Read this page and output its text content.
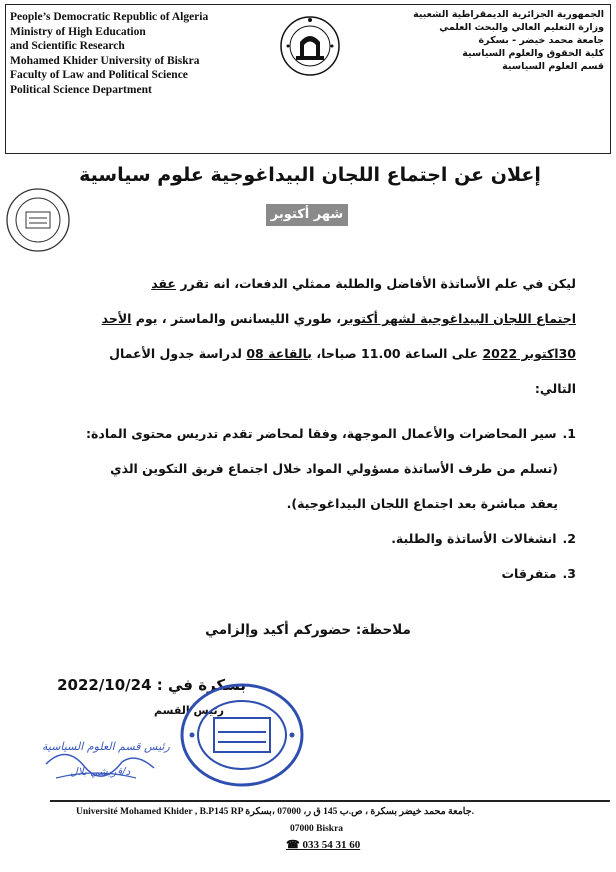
People’s Democratic Republic of Algeria
Ministry of High Education
and Scientific Research
Mohamed Khider University of Biskra
Faculty of Law and Political Science
Political Science Department
الجمهورية الجزائرية الديمقراطية الشعبية
وزارة التعليم العالي والبحث العلمي
جامعة محمد خيضر - بسكرة
كلية الحقوق والعلوم السياسية
قسم العلوم السياسية
إعلان عن اجتماع اللجان البيداغوجية علوم سياسية
شهر أكتوبر
ليكن في علم الأساتذة الأفاضل والطلبة ممثلي الدفعات، انه تقرر عقد
اجتماع اللجان البيداغوجية لشهر أكتوبر، طوري الليسانس والماستر ، يوم الأحد
30اكتوبر 2022 على الساعة 11.00 صباحا، بالقاعة 08 لدراسة جدول الأعمال
التالي:
1.سير المحاضرات والأعمال الموجهة، وفقا لمحاضر تقدم تدريس محتوى المادة:
(تسلم من طرف الأساتذة مسؤولي المواد خلال اجتماع فريق التكوين الذي
يعقد مباشرة بعد اجتماع اللجان البيداغوجية).
2.انشغالات الأساتذة والطلبة.
3.متفرقات
ملاحظة: حضوركم أكيد وإلزامي
بسكرة في : 2022/10/24
رئيس القسم
رئيس قسم العلوم السياسية
د/قريشي بلال
Université Mohamed Khider , B.P145 RP جامعة محمد خيضر بسكرة ، ص.ب 145 ق ر، 07000 ،بسكرة.
07000 Biskra
☎ 033 54 31 60
